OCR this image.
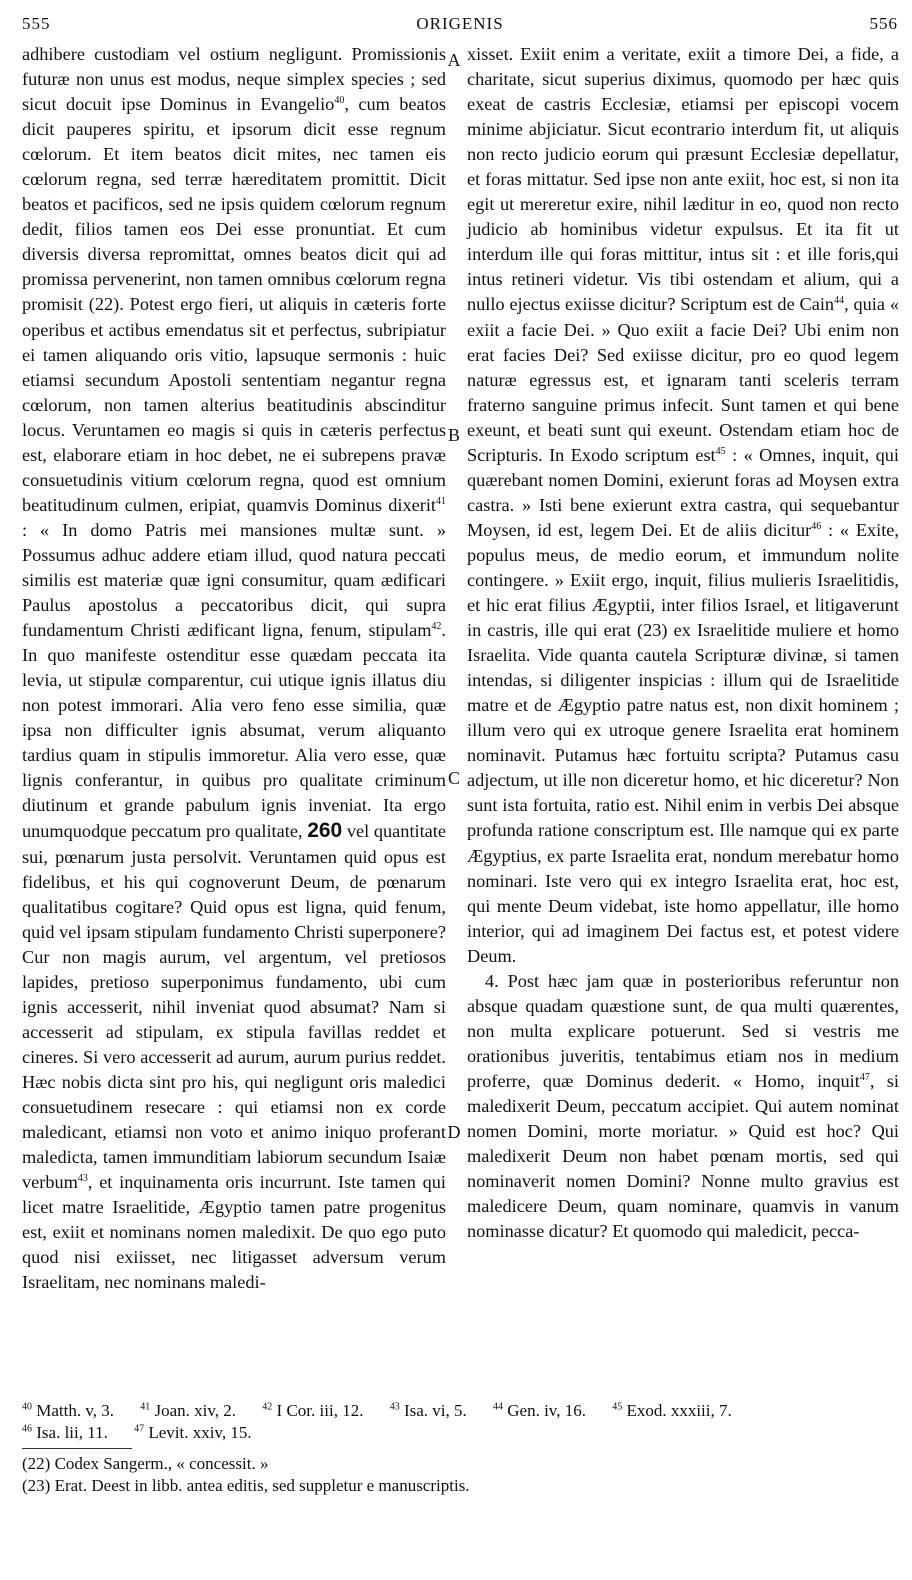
555	ORIGENIS	556

adhibere custodiam vel ostium negligunt. Promissionis futuræ non unus est modus, neque simplex species ; sed sicut docuit ipse Dominus in Evangelio$^{40}$, cum beatos dicit pauperes spiritu, et ipsorum dicit esse regnum cœlorum. Et item beatos dicit mites, nec tamen eis cœlorum regna, sed terræ hæreditatem promittit. Dicit beatos et pacificos, sed ne ipsis quidem cœlorum regnum dedit, filios tamen eos Dei esse pronuntiat. Et cum diversis diversa repromittat, omnes beatos dicit qui ad promissa pervenerint, non tamen omnibus cœlorum regna promisit (22). Potest ergo fieri, ut aliquis in cæteris forte operibus et actibus emendatus sit et perfectus, subripiatur ei tamen aliquando oris vitio, lapsuque sermonis : huic etiamsi secundum Apostoli sententiam negantur regna cœlorum, non tamen alterius beatitudinis abscinditur locus. Veruntamen eo magis si quis in cæteris perfectus est, elaborare etiam in hoc debet, ne ei subrepens pravæ consuetudinis vitium cœlorum regna, quod est omnium beatitudinum culmen, eripiat, quamvis Dominus dixerit$^{41}$ : « In domo Patris mei mansiones multæ sunt. » Possumus adhuc addere etiam illud, quod natura peccati similis est materiæ quæ igni consumitur, quam ædificari Paulus apostolus a peccatoribus dicit, qui supra fundamentum Christi ædificant ligna, fenum, stipulam$^{42}$. In quo manifeste ostenditur esse quædam peccata ita levia, ut stipulæ comparentur, cui utique ignis illatus diu non potest immorari. Alia vero feno esse similia, quæ ipsa non difficulter ignis absumat, verum aliquanto tardius quam in stipulis immoretur. Alia vero esse, quæ lignis conferantur, in quibus pro qualitate criminum diutinum et grande pabulum ignis inveniat. Ita ergo unumquodque peccatum pro qualitate, 260 vel quantitate sui, pœnarum justa persolvit. Veruntamen quid opus est fidelibus, et his qui cognoverunt Deum, de pœnarum qualitatibus cogitare? Quid opus est ligna, quid fenum, quid vel ipsam stipulam fundamento Christi superponere? Cur non magis aurum, vel argentum, vel pretiosos lapides, pretioso superponimus fundamento, ubi cum ignis accesserit, nihil inveniat quod absumat? Nam si accesserit ad stipulam, ex stipula favillas reddet et cineres. Si vero accesserit ad aurum, aurum purius reddet. Hæc nobis dicta sint pro his, qui negligunt oris maledici consuetudinem resecare : qui etiamsi non ex corde maledicant, etiamsi non voto et animo iniquo proferant maledicta, tamen immunditiam labiorum secundum Isaiæ verbum$^{43}$, et inquinamenta oris incurrunt. Iste tamen qui licet matre Israelitide, Ægyptio tamen patre progenitus est, exiit et nominans nomen maledixit. De quo ego puto quod nisi exiisset, nec litigasset adversum verum Israelitam, nec nominans maledi-

A
B
C
D

xisset. Exiit enim a veritate, exiit a timore Dei, a fide, a charitate, sicut superius diximus, quomodo per hæc quis exeat de castris Ecclesiæ, etiamsi per episcopi vocem minime abjiciatur. Sicut econtrario interdum fit, ut aliquis non recto judicio eorum qui præsunt Ecclesiæ depellatur, et foras mittatur. Sed ipse non ante exiit, hoc est, si non ita egit ut mereretur exire, nihil læditur in eo, quod non recto judicio ab hominibus videtur expulsus. Et ita fit ut interdum ille qui foras mittitur, intus sit : et ille foris,qui intus retineri videtur. Vis tibi ostendam et alium, qui a nullo ejectus exiisse dicitur? Scriptum est de Cain$^{44}$, quia « exiit a facie Dei. » Quo exiit a facie Dei? Ubi enim non erat facies Dei? Sed exiisse dicitur, pro eo quod legem naturæ egressus est, et ignaram tanti sceleris terram fraterno sanguine primus infecit. Sunt tamen et qui bene exeunt, et beati sunt qui exeunt. Ostendam etiam hoc de Scripturis. In Exodo scriptum est$^{45}$ : « Omnes, inquit, qui quærebant nomen Domini, exierunt foras ad Moysen extra castra. » Isti bene exierunt extra castra, qui sequebantur Moysen, id est, legem Dei. Et de aliis dicitur$^{46}$ : « Exite, populus meus, de medio eorum, et immundum nolite contingere. » Exiit ergo, inquit, filius mulieris Israelitidis, et hic erat filius Ægyptii, inter filios Israel, et litigaverunt in castris, ille qui erat (23) ex Israelitide muliere et homo Israelita. Vide quanta cautela Scripturæ divinæ, si tamen intendas, si diligenter inspicias : illum qui de Israelitide matre et de Ægyptio patre natus est, non dixit hominem ; illum vero qui ex utroque genere Israelita erat hominem nominavit. Putamus hæc fortuitu scripta? Putamus casu adjectum, ut ille non diceretur homo, et hic diceretur? Non sunt ista fortuita, ratio est. Nihil enim in verbis Dei absque profunda ratione conscriptum est. Ille namque qui ex parte Ægyptius, ex parte Israelita erat, nondum merebatur homo nominari. Iste vero qui ex integro Israelita erat, hoc est, qui mente Deum videbat, iste homo appellatur, ille homo interior, qui ad imaginem Dei factus est, et potest videre Deum.

4. Post hæc jam quæ in posterioribus referuntur non absque quadam quæstione sunt, de qua multi quærentes, non multa explicare potuerunt. Sed si vestris me orationibus juveritis, tentabimus etiam nos in medium proferre, quæ Dominus dederit. « Homo, inquit$^{47}$, si maledixerit Deum, peccatum accipiet. Qui autem nominat nomen Domini, morte moriatur. » Quid est hoc? Qui maledixerit Deum non habet pœnam mortis, sed qui nominaverit nomen Domini? Nonne multo gravius est maledicere Deum, quam nominare, quamvis in vanum nominasse dicatur? Et quomodo qui maledicit, pecca-

$^{40}$ Matth. v, 3.	$^{41}$ Joan. xiv, 2.	$^{42}$ I Cor. iii, 12.	$^{43}$ Isa. vi, 5.	$^{44}$ Gen. iv, 16.	$^{45}$ Exod. xxxiii, 7.
$^{46}$ Isa. lii, 11.	$^{47}$ Levit. xxiv, 15.
(22) Codex Sangerm., « concessit. »
(23) Erat. Deest in libb. antea editis, sed suppletur e manuscriptis.
